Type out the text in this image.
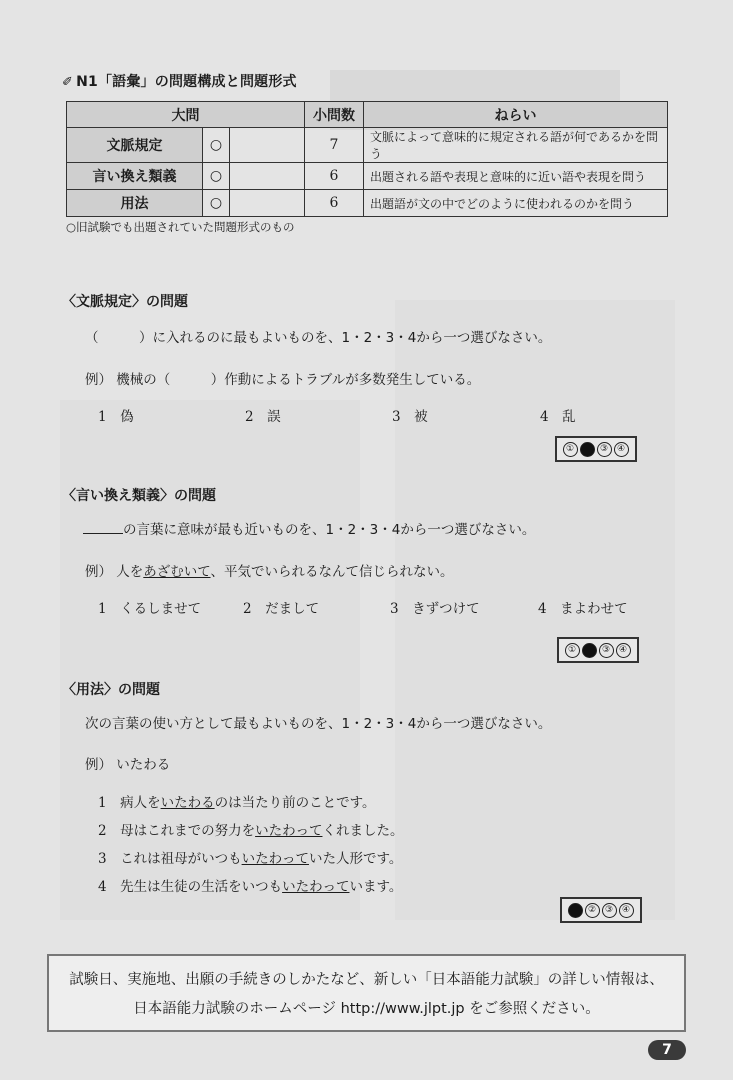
✐ N1「語彙」の問題構成と問題形式
大問			小問数	ねらい
文脈規定	○		7	文脈によって意味的に規定される語が何であるかを問う
言い換え類義	○		6	出題される語や表現と意味的に近い語や表現を問う
用法	○		6	出題語が文の中でどのように使われるのかを問う
○旧試験でも出題されていた問題形式のもの
〈文脈規定〉の問題
（　　　）に入れるのに最もよいものを、1・2・3・4から一つ選びなさい。
例） 機械の（　　　）作動によるトラブルが多数発生している。
1　偽	2　誤	3　被	4　乱
①	③ ④
〈言い換え類義〉の問題
の言葉に意味が最も近いものを、1・2・3・4から一つ選びなさい。
例） 人をあざむいて、平気でいられるなんて信じられない。
1　くるしませて	2　だまして	3　きずつけて	4　まよわせて
①	③ ④
〈用法〉の問題
次の言葉の使い方として最もよいものを、1・2・3・4から一つ選びなさい。
例） いたわる
1　 病人をいたわるのは当たり前のことです。
2　 母はこれまでの努力をいたわってくれました。
3　 これは祖母がいつもいたわっていた人形です。
4　 先生は生徒の生活をいつもいたわっています。
② ③ ④
試験日、実施地、出願の手続きのしかたなど、新しい「日本語能力試験」の詳しい情報は、
日本語能力試験のホームページ http://www.jlpt.jp をご参照ください。
7
